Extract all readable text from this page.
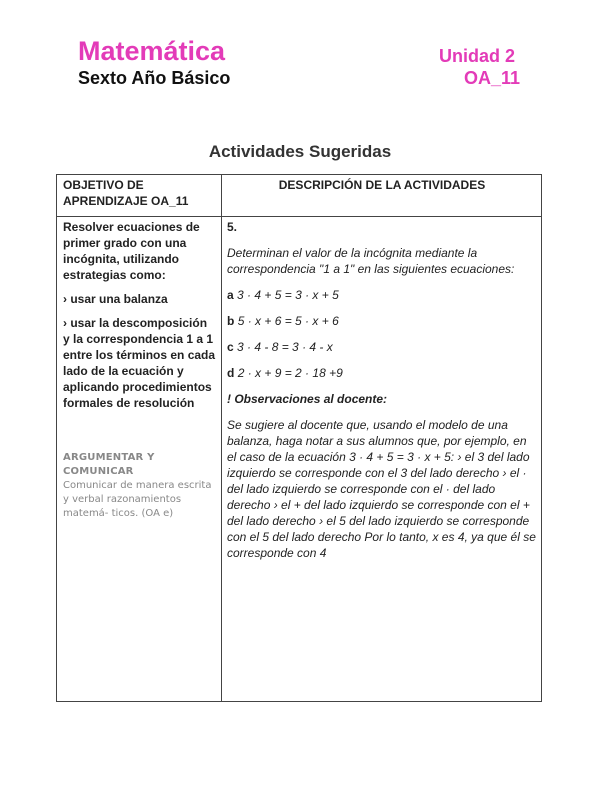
Matemática
Sexto Año Básico
Unidad 2
OA_11
Actividades Sugeridas
OBJETIVO DE APRENDIZAJE OA_11
DESCRIPCIÓN DE LA ACTIVIDADES

Resolver ecuaciones de primer grado con una incógnita, utilizando estrategias como:

› usar una balanza

› usar la descomposición y la correspondencia 1 a 1 entre los términos en cada lado de la ecuación y aplicando procedimientos formales de resolución

ARGUMENTAR Y COMUNICAR
Comunicar de manera escrita y verbal razonamientos matemá- ticos. (OA e)

5.

Determinan el valor de la incógnita mediante la correspondencia "1 a 1" en las siguientes ecuaciones:

a 3 · 4 + 5 = 3 · x + 5

b 5 · x + 6 = 5 · x + 6

c 3 · 4 - 8 = 3 · 4 - x

d 2 · x + 9 = 2 · 18 +9

! Observaciones al docente:

Se sugiere al docente que, usando el modelo de una balanza, haga notar a sus alumnos que, por ejemplo, en el caso de la ecuación 3 · 4 + 5 = 3 · x + 5: › el 3 del lado izquierdo se corresponde con el 3 del lado derecho › el · del lado izquierdo se corresponde con el · del lado derecho › el + del lado izquierdo se corresponde con el + del lado derecho › el 5 del lado izquierdo se corresponde con el 5 del lado derecho Por lo tanto, x es 4, ya que él se corresponde con 4
